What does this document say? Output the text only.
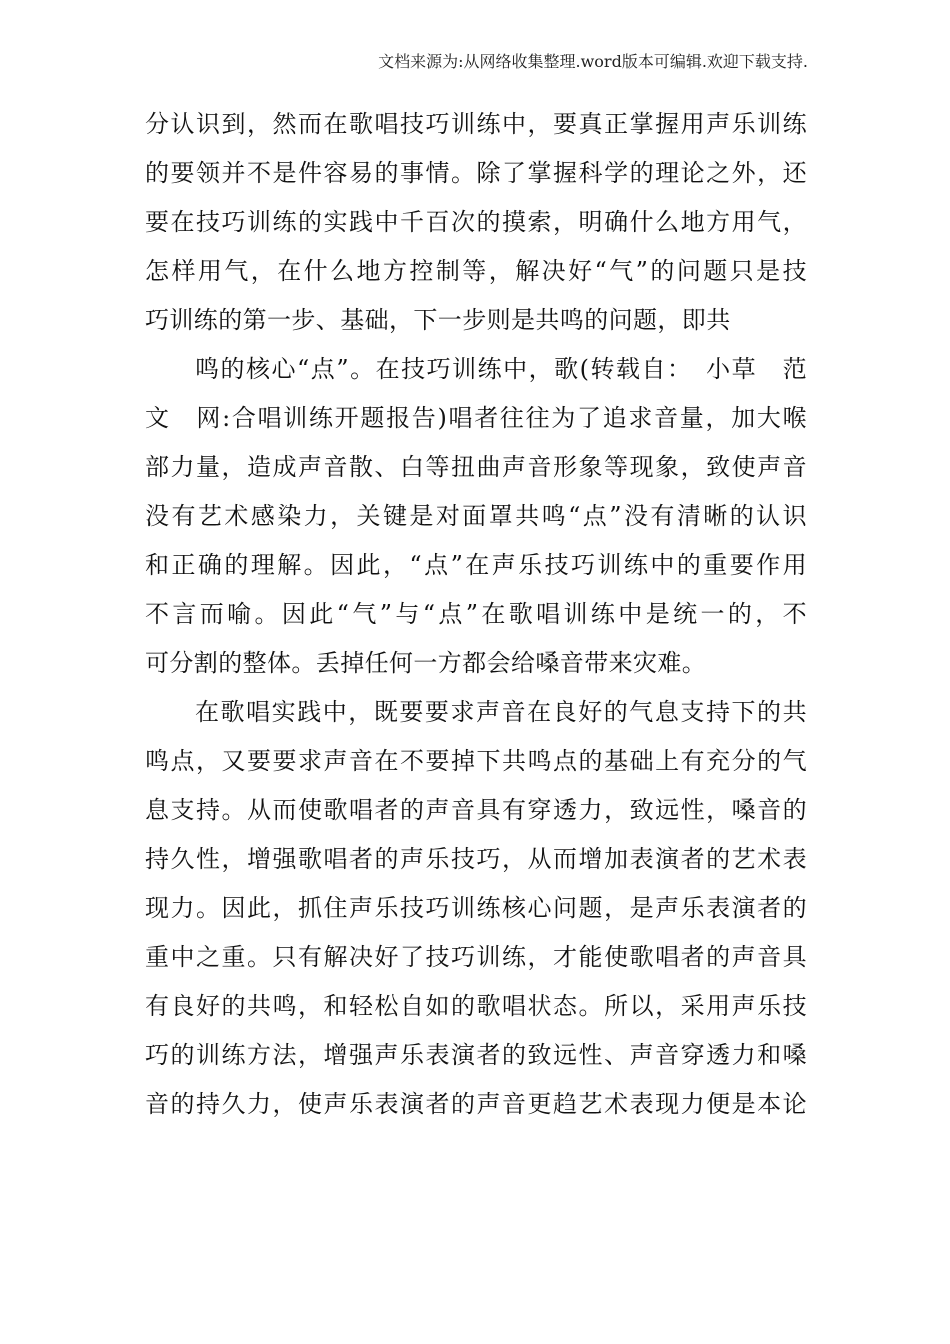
文档来源为:从网络收集整理.word版本可编辑.欢迎下载支持.
分认识到，然而在歌唱技巧训练中，要真正掌握用声乐训练
的要领并不是件容易的事情。除了掌握科学的理论之外，还
要在技巧训练的实践中千百次的摸索，明确什么地方用气，
怎样用气，在什么地方控制等，解决好“气”的问题只是技
巧训练的第一步、基础，下一步则是共鸣的问题，即共
鸣的核心“点”。在技巧训练中，歌(转载自：　小草　范
文　网:合唱训练开题报告)唱者往往为了追求音量，加大喉
部力量，造成声音散、白等扭曲声音形象等现象，致使声音
没有艺术感染力，关键是对面罩共鸣“点”没有清晰的认识
和正确的理解。因此，“点”在声乐技巧训练中的重要作用
不言而喻。因此“气”与“点”在歌唱训练中是统一的，不
可分割的整体。丢掉任何一方都会给嗓音带来灾难。
在歌唱实践中，既要要求声音在良好的气息支持下的共
鸣点，又要要求声音在不要掉下共鸣点的基础上有充分的气
息支持。从而使歌唱者的声音具有穿透力，致远性，嗓音的
持久性，增强歌唱者的声乐技巧，从而增加表演者的艺术表
现力。因此，抓住声乐技巧训练核心问题，是声乐表演者的
重中之重。只有解决好了技巧训练，才能使歌唱者的声音具
有良好的共鸣，和轻松自如的歌唱状态。所以，采用声乐技
巧的训练方法，增强声乐表演者的致远性、声音穿透力和嗓
音的持久力，使声乐表演者的声音更趋艺术表现力便是本论
